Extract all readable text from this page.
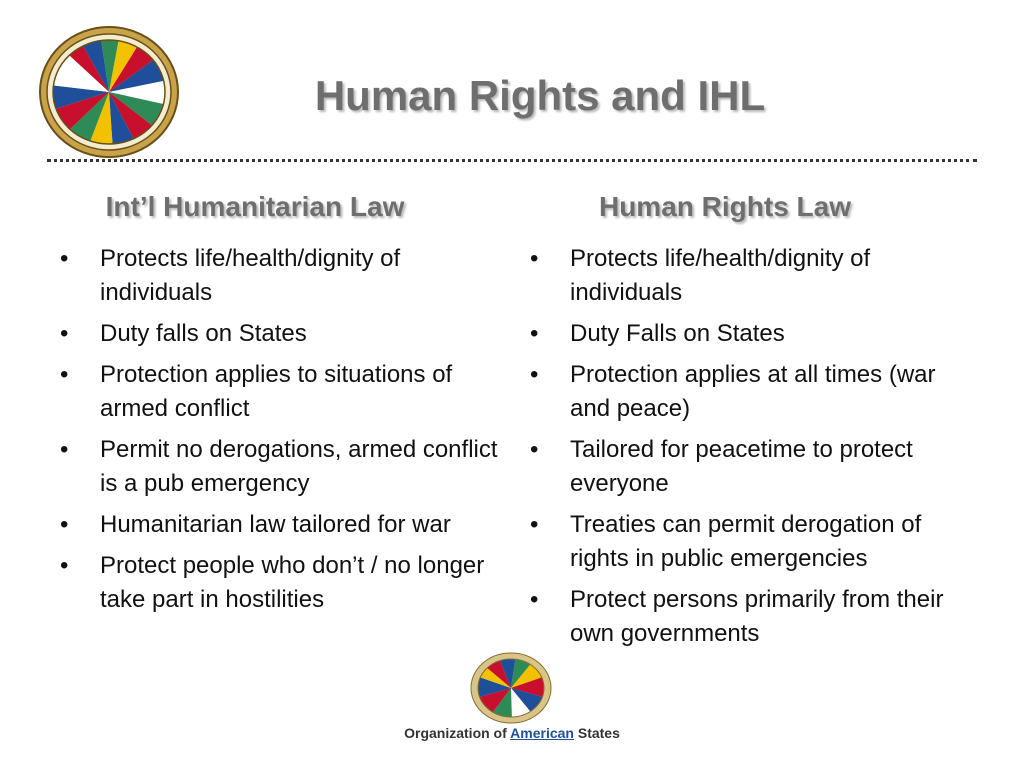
Human Rights and IHL
Int’l Humanitarian Law
• Protects life/health/dignity of individuals
• Duty falls on States
• Protection applies to situations of armed conflict
• Permit no derogations, armed conflict is a pub emergency
• Humanitarian law tailored for war
• Protect people who don’t / no longer take part in hostilities
Human Rights Law
• Protects life/health/dignity of individuals
• Duty Falls on States
• Protection applies at all times (war and peace)
• Tailored for peacetime to protect everyone
• Treaties can permit derogation of rights in public emergencies
• Protect persons primarily from their own governments
Organization of American States
